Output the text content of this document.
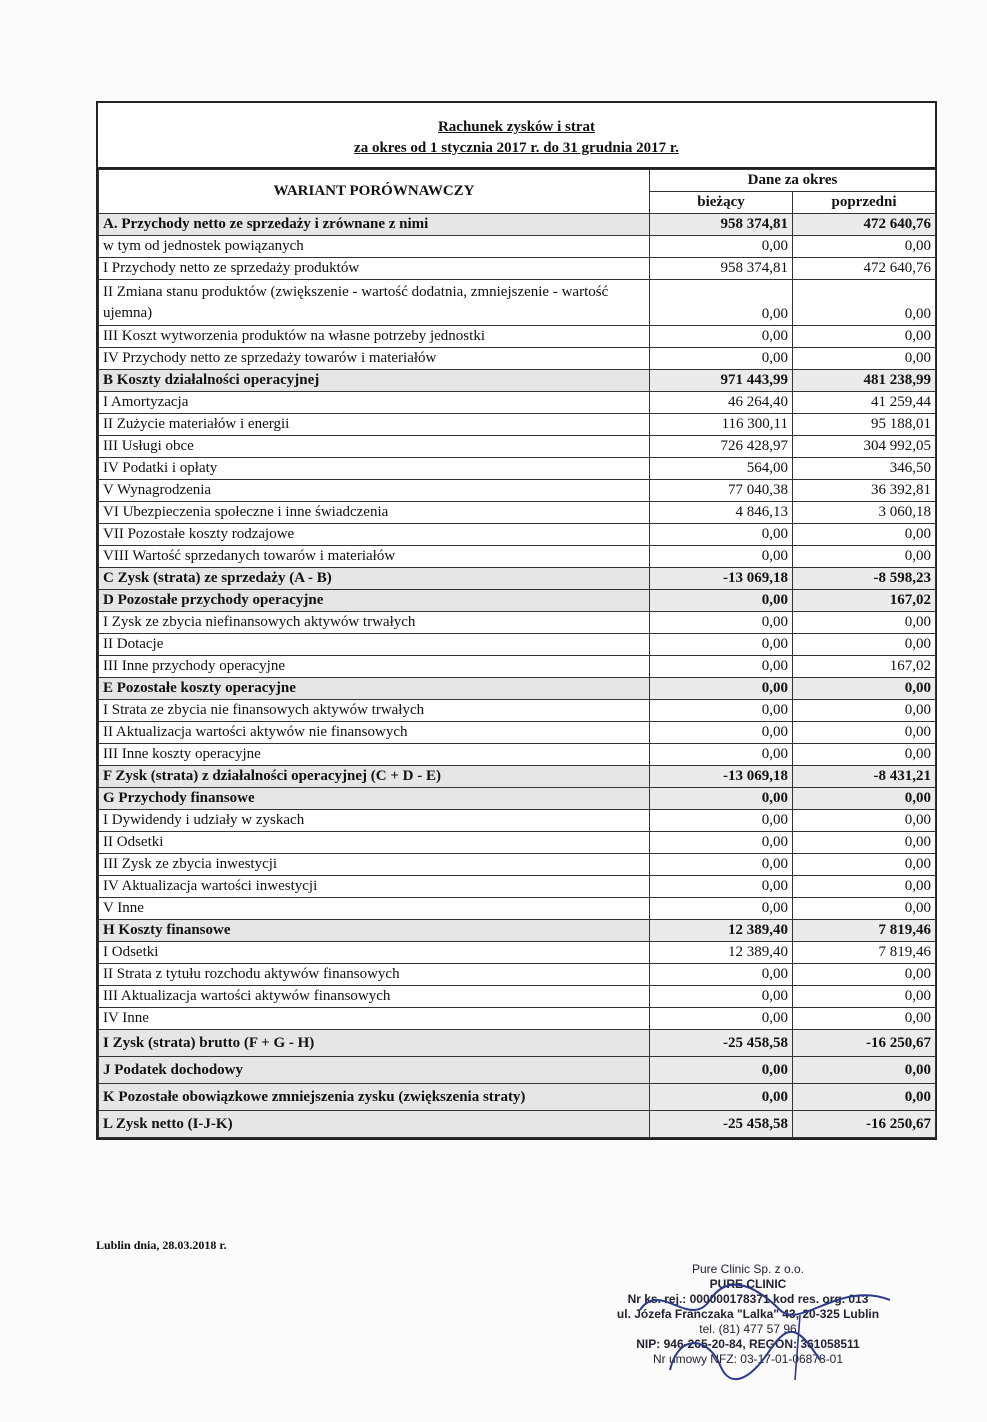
Rachunek zysków i strat
za okres od 1 stycznia 2017 r. do 31 grudnia 2017 r.
WARIANT PORÓWNAWCZY	Dane za okres	
	bieżący	poprzedni
A. Przychody netto ze sprzedaży i zrównane z nimi	958 374,81	472 640,76
w tym od jednostek powiązanych	0,00	0,00
I Przychody netto ze sprzedaży produktów	958 374,81	472 640,76
II Zmiana stanu produktów (zwiększenie - wartość dodatnia, zmniejszenie - wartość ujemna)	0,00	0,00
III Koszt wytworzenia produktów na własne potrzeby jednostki	0,00	0,00
IV Przychody netto ze sprzedaży towarów i materiałów	0,00	0,00
B Koszty działalności operacyjnej	971 443,99	481 238,99
I Amortyzacja	46 264,40	41 259,44
II Zużycie materiałów i energii	116 300,11	95 188,01
III Usługi obce	726 428,97	304 992,05
IV Podatki i opłaty	564,00	346,50
V Wynagrodzenia	77 040,38	36 392,81
VI Ubezpieczenia społeczne i inne świadczenia	4 846,13	3 060,18
VII Pozostałe koszty rodzajowe	0,00	0,00
VIII Wartość sprzedanych towarów i materiałów	0,00	0,00
C Zysk (strata) ze sprzedaży (A - B)	-13 069,18	-8 598,23
D Pozostałe przychody operacyjne	0,00	167,02
I Zysk ze zbycia niefinansowych aktywów trwałych	0,00	0,00
II Dotacje	0,00	0,00
III Inne przychody operacyjne	0,00	167,02
E Pozostałe koszty operacyjne	0,00	0,00
I Strata ze zbycia nie finansowych aktywów trwałych	0,00	0,00
II Aktualizacja wartości aktywów nie finansowych	0,00	0,00
III Inne koszty operacyjne	0,00	0,00
F Zysk (strata) z działalności operacyjnej (C + D - E)	-13 069,18	-8 431,21
G Przychody finansowe	0,00	0,00
I Dywidendy i udziały w zyskach	0,00	0,00
II Odsetki	0,00	0,00
III Zysk ze zbycia inwestycji	0,00	0,00
IV Aktualizacja wartości inwestycji	0,00	0,00
V Inne	0,00	0,00
H Koszty finansowe	12 389,40	7 819,46
I Odsetki	12 389,40	7 819,46
II Strata z tytułu rozchodu aktywów finansowych	0,00	0,00
III Aktualizacja wartości aktywów finansowych	0,00	0,00
IV Inne	0,00	0,00
I Zysk (strata) brutto (F + G - H)	-25 458,58	-16 250,67
J Podatek dochodowy	0,00	0,00
K Pozostałe obowiązkowe zmniejszenia zysku (zwiększenia straty)	0,00	0,00
L Zysk netto (I-J-K)	-25 458,58	-16 250,67
Lublin dnia, 28.03.2018 r.
Pure Clinic Sp. z o.o.
PURE CLINIC
Nr ks. rej.: 000000178371 kod res. org. 013
ul. Józefa Franczaka "Lalka" 43, 20-325 Lublin
tel. (81) 477 57 96
NIP: 946-265-20-84, REGON: 361058511
Nr umowy NFZ: 03-17-01-06878-01
